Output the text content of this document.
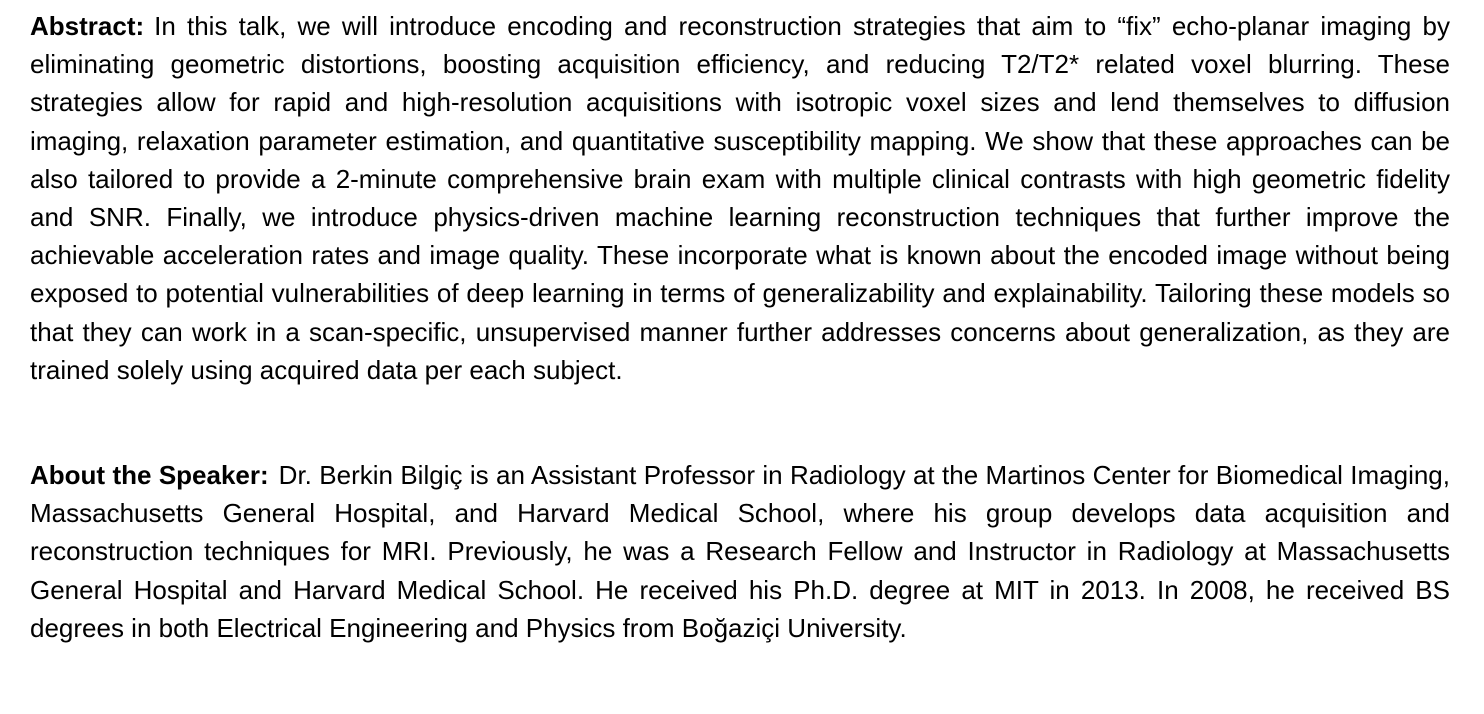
Abstract: In this talk, we will introduce encoding and reconstruction strategies that aim to “fix” echo-planar imaging by eliminating geometric distortions, boosting acquisition efficiency, and reducing T2/T2* related voxel blurring. These strategies allow for rapid and high-resolution acquisitions with isotropic voxel sizes and lend themselves to diffusion imaging, relaxation parameter estimation, and quantitative susceptibility mapping. We show that these approaches can be also tailored to provide a 2-minute comprehensive brain exam with multiple clinical contrasts with high geometric fidelity and SNR. Finally, we introduce physics-driven machine learning reconstruction techniques that further improve the achievable acceleration rates and image quality. These incorporate what is known about the encoded image without being exposed to potential vulnerabilities of deep learning in terms of generalizability and explainability. Tailoring these models so that they can work in a scan-specific, unsupervised manner further addresses concerns about generalization, as they are trained solely using acquired data per each subject.

About the Speaker: Dr. Berkin Bilgiç is an Assistant Professor in Radiology at the Martinos Center for Biomedical Imaging, Massachusetts General Hospital, and Harvard Medical School, where his group develops data acquisition and reconstruction techniques for MRI. Previously, he was a Research Fellow and Instructor in Radiology at Massachusetts General Hospital and Harvard Medical School. He received his Ph.D. degree at MIT in 2013. In 2008, he received BS degrees in both Electrical Engineering and Physics from Boğaziçi University.
